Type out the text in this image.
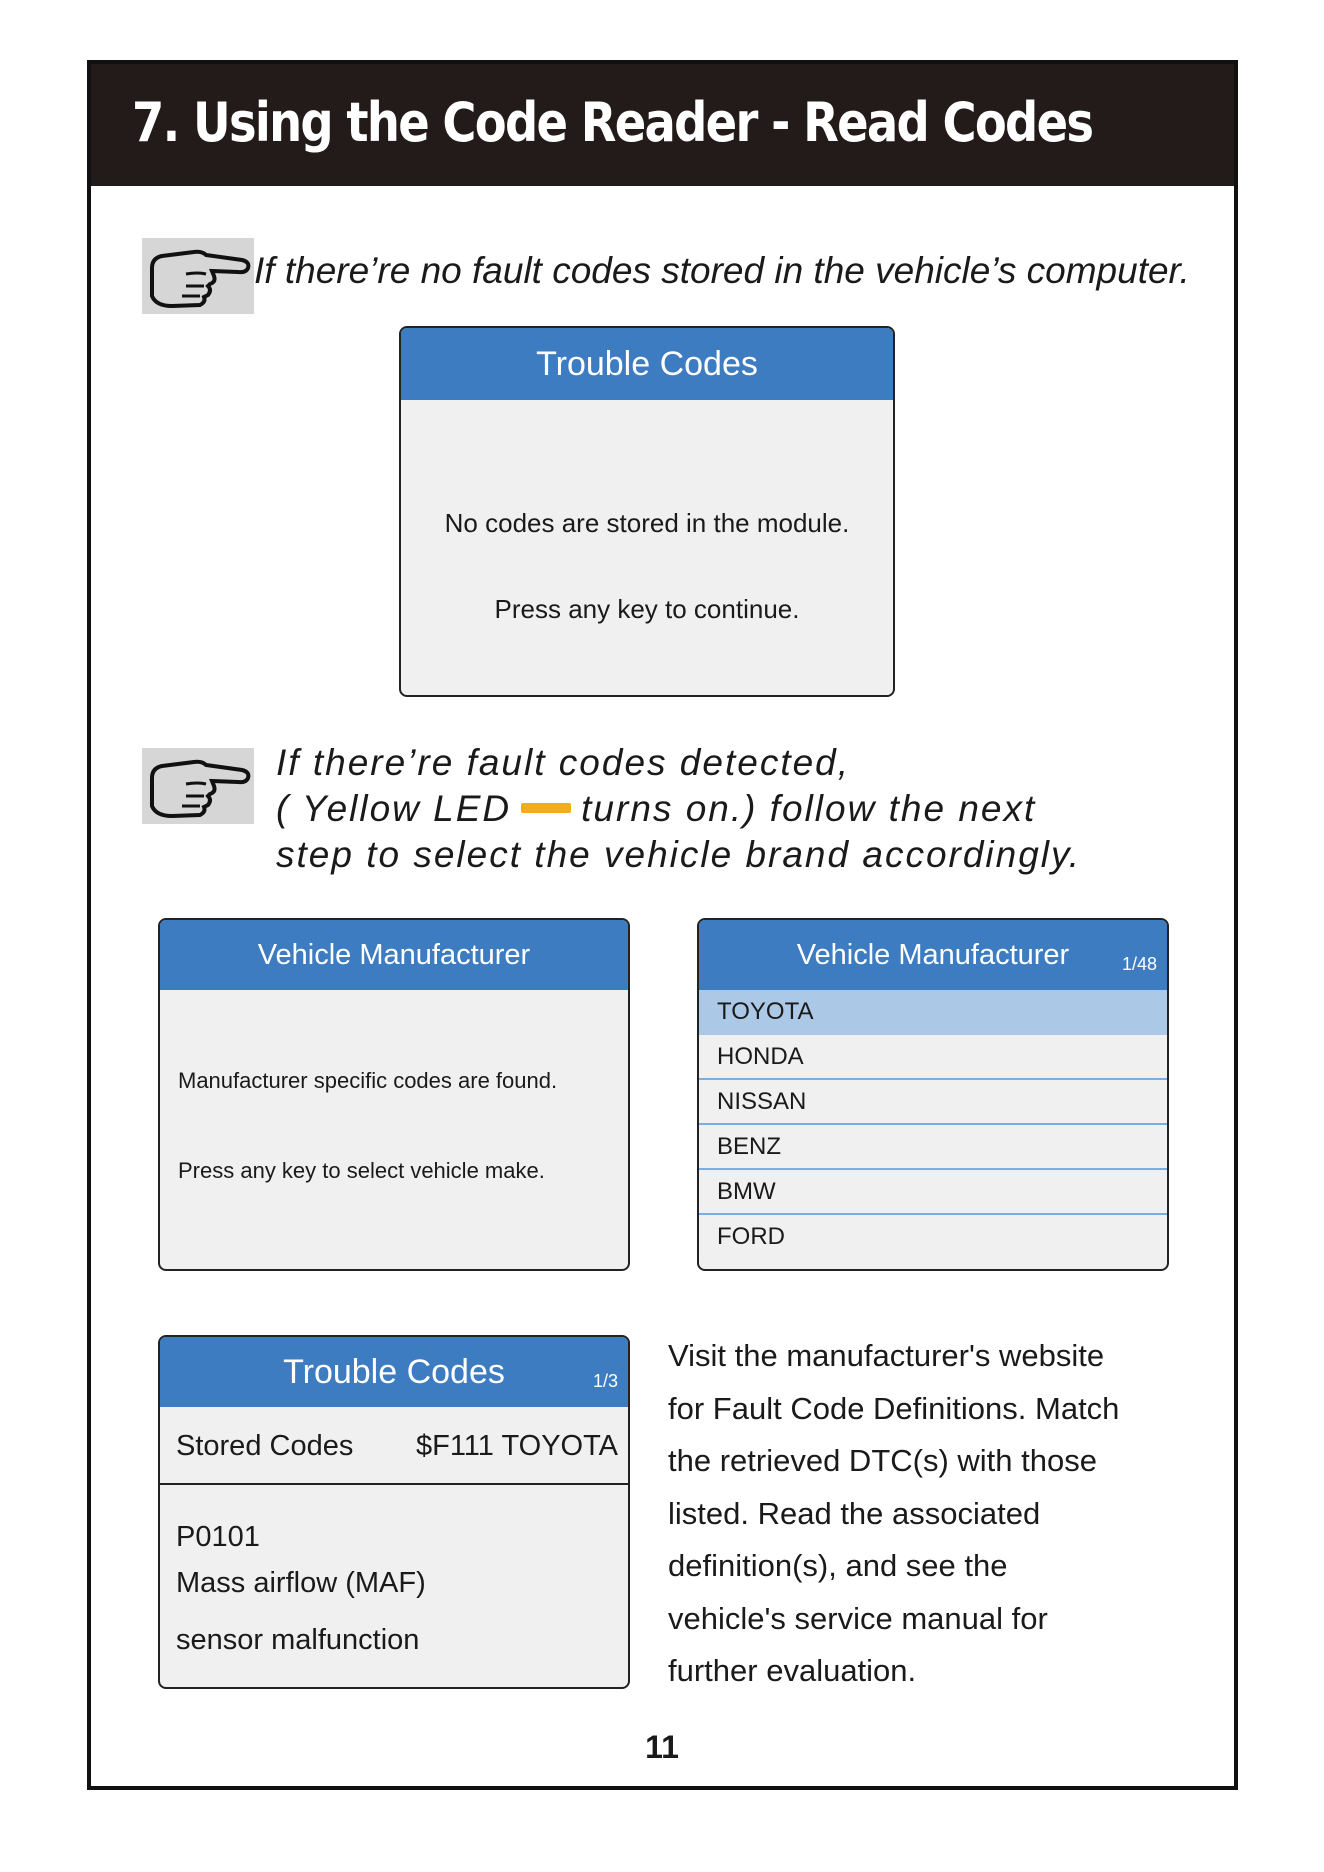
7. Using the Code Reader - Read Codes
If there’re no fault codes stored in the vehicle’s computer.
Trouble Codes
No codes are stored in the module.
Press any key to continue.
If there’re fault codes detected,
( Yellow LED turns on.) follow the next
step to select the vehicle brand accordingly.
Vehicle Manufacturer
Manufacturer specific codes are found.
Press any key to select vehicle make.
Vehicle Manufacturer	1/48
TOYOTA
HONDA
NISSAN
BENZ
BMW
FORD
Trouble Codes	1/3
Stored Codes $F111 TOYOTA
P0101
Mass airflow (MAF)
sensor malfunction
Visit the manufacturer's website
for Fault Code Definitions. Match
the retrieved DTC(s) with those
listed. Read the associated
definition(s), and see the
vehicle's service manual for
further evaluation.
11
